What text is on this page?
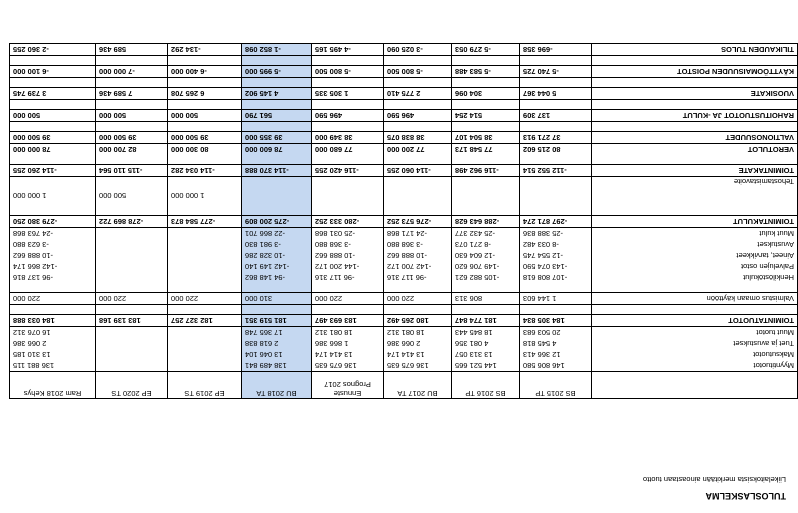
TULOSLASKELMA
Liikelaitoksista merkitään ainoastaan tuotto
	BS 2015 TP	BS 2016 TP	BU 2017 TA	Ennuste
Prognos 2017	BU 2018 TA	EP 2019 TS	EP 2020 TS	Ram 2018 Kehys
Myyntituotot	146 806 580	144 521 665	136 675 635	136 675 635	138 489 841			136 881 115
Maksutuotot	12 366 413	13 313 057	13 414 174	13 414 174	13 046 104			13 310 185
Tuet ja avustukset	4 545 818	4 081 356	2 066 386	1 866 386	2 618 838			2 066 386
Muut tuotot	20 503 683	18 845 443	18 081 312	18 081 312	17 365 748			16 076 312
TOIMINTATUOTOT	184 305 834	181 774 847	180 265 492	183 693 497	181 519 351	182 327 257	183 139 168	184 033 888

Valmistus omaan käyttöön	1 144 603	806 313	220 000	220 000	310 000	220 000	220 000	220 000

Henkilöstökulut	-107 808 618	-105 882 621	-96 117 316	-96 117 316	-94 148 862			-96 137 816
Palvelujen ostot	-143 074 590	-149 706 620	-142 700 172	-144 200 172	-142 149 140			-142 866 174
Aineet, tarvikkeet	-12 554 745	-12 604 630	-10 888 662	-10 888 662	-10 328 286			-10 888 662
Avustukset	-8 033 482	-8 271 073	-3 368 880	-3 368 880	-3 981 830			-3 623 880
Muut kulut	-25 388 836	-25 432 377	-24 171 868	-25 031 868	-22 866 701			-24 763 868
TOIMINTAKULUT	-297 871 274	-288 643 628	-276 573 252	-280 333 252	-275 200 809	-277 584 873	-278 869 722	-279 380 250
Tehostamistavoite						1 000 000	500 000	1 000 000
TOIMINTAKATE	-112 552 514	-116 962 498	-114 060 255	-116 420 255	-114 370 888	-114 034 282	-115 110 564	-114 260 255

VEROTULOT	80 215 602	77 548 173	77 200 000	77 680 000	78 600 000	80 300 000	82 700 000	78 000 000
VALTIONOSUUDET	37 271 913	38 504 107	38 838 075	38 349 000	39 355 000	39 500 000	39 500 000	39 500 000

RAHOITUSTUOTOT JA -KULUT	137 309	514 254	496 590	496 590	561 790	500 000	500 000	500 000

VUOSIKATE	5 044 367	304 096	2 775 410	1 305 335	4 145 902	6 265 708	7 589 436	3 739 745

KÄYTTÖOMAISUUDEN POISTOT	-5 740 725	-5 583 488	-5 800 500	-5 800 500	-5 995 000	-6 400 000	-7 000 000	-6 100 000

TILIKAUDEN TULOS	-696 358	-5 279 053	-3 025 090	-4 495 165	-1 852 098	-134 292	589 436	-2 360 255
